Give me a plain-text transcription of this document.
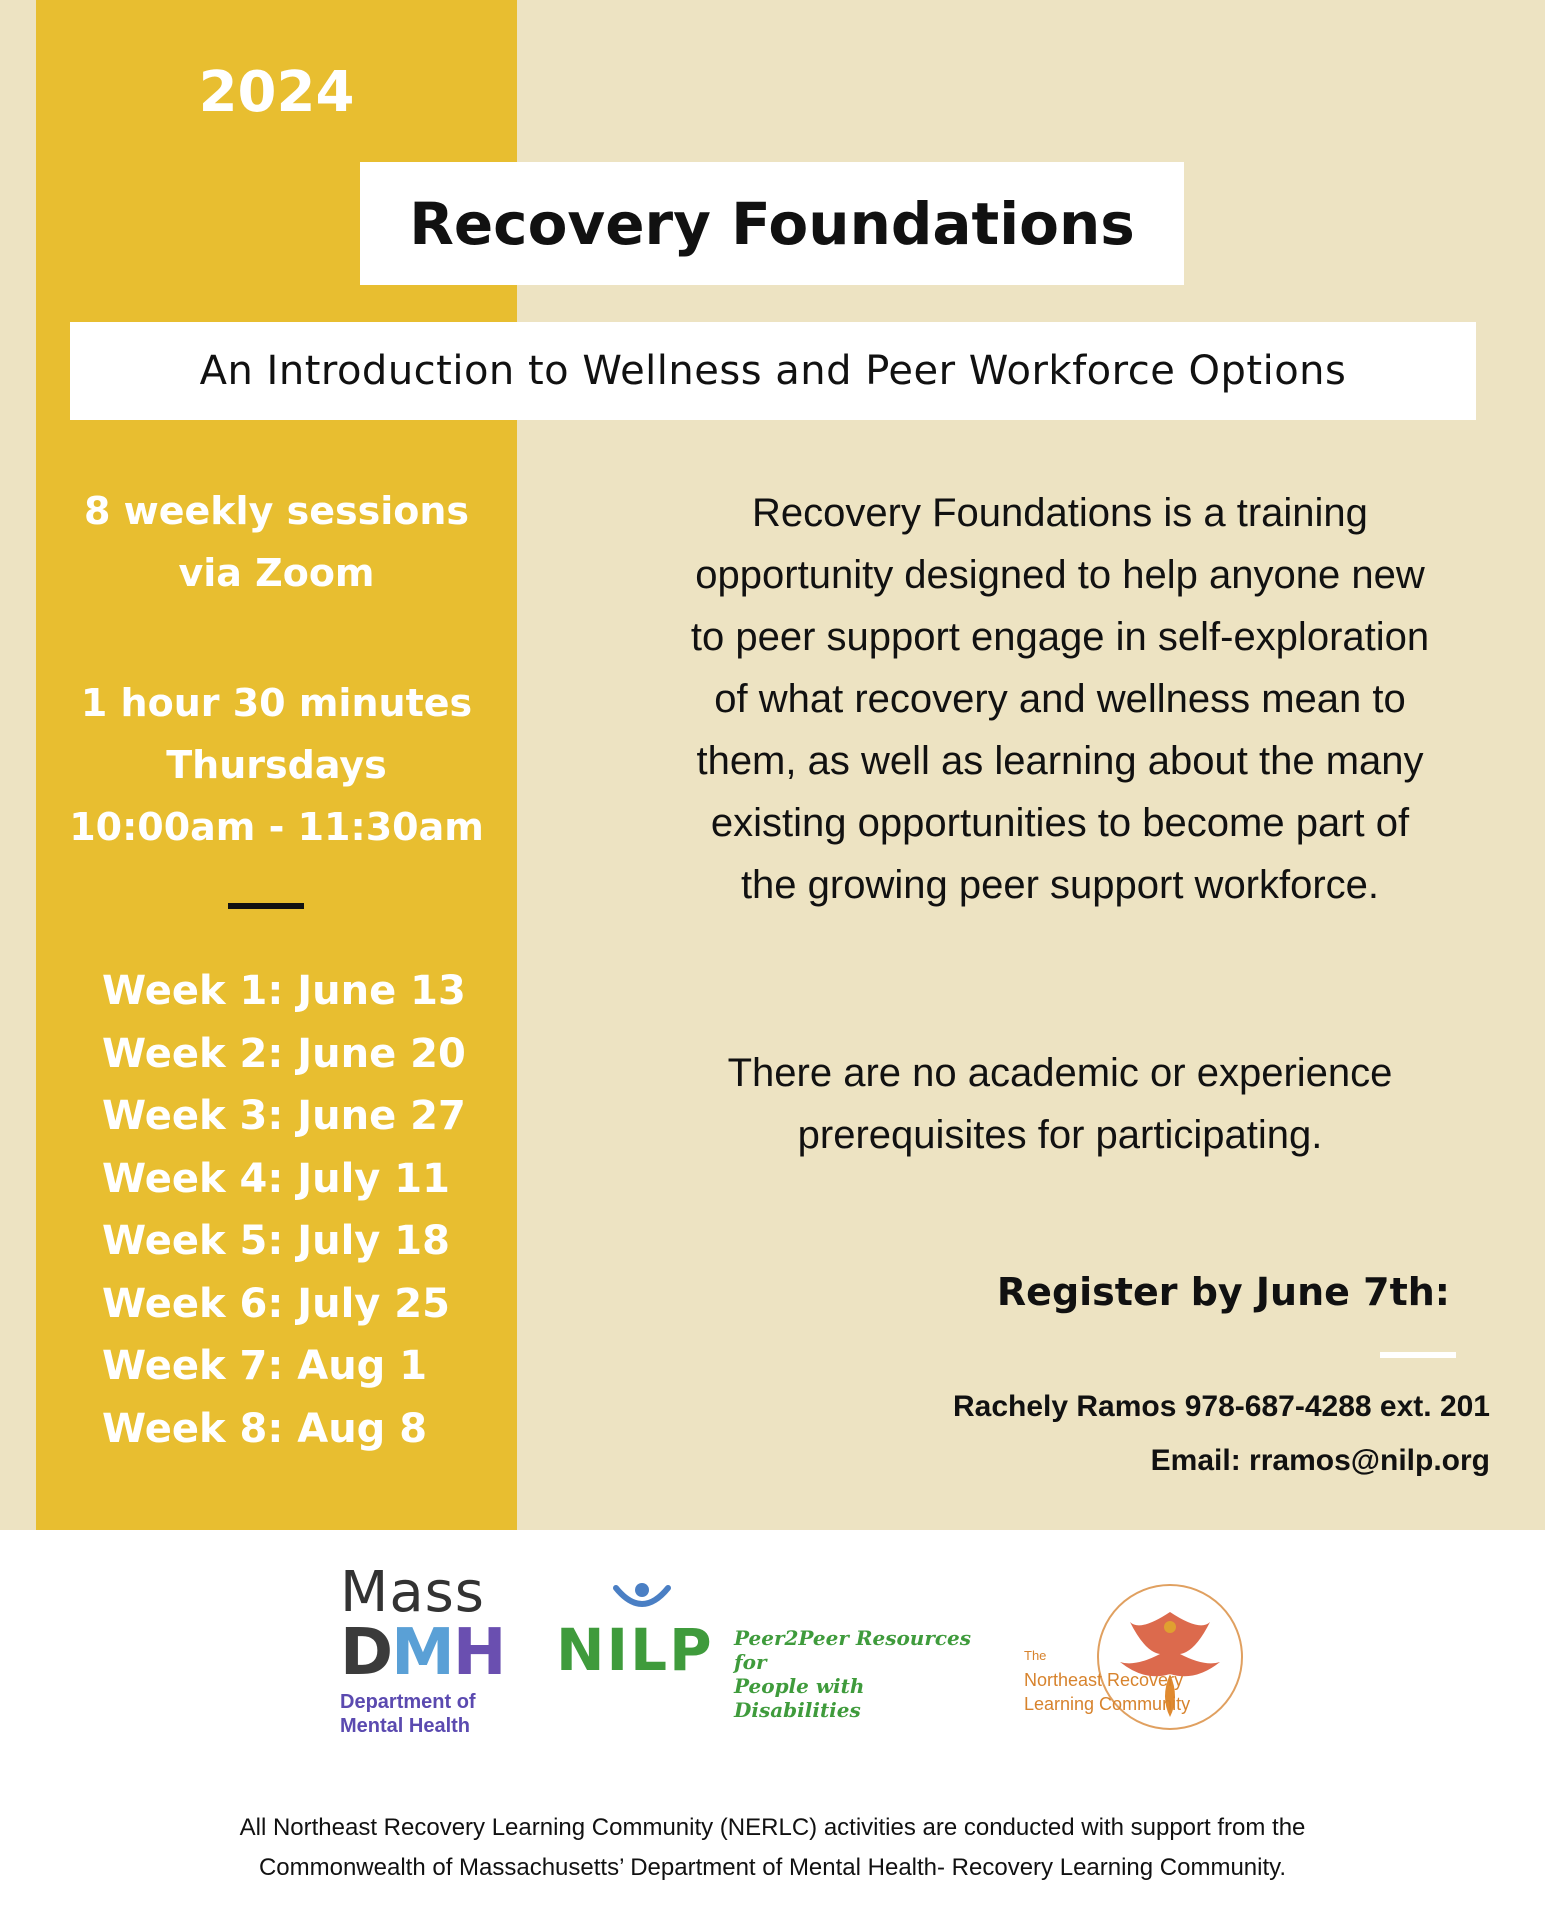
2024
Recovery Foundations
An Introduction to Wellness and Peer Workforce Options
8 weekly sessions
via Zoom
1 hour 30 minutes
Thursdays
10:00am - 11:30am
Week 1: June 13
Week 2: June 20
Week 3: June 27
Week 4: July 11
Week 5: July 18
Week 6: July 25
Week 7: Aug 1
Week 8: Aug 8
Recovery Foundations is a training
opportunity designed to help anyone new
to peer support engage in self-exploration
of what recovery and wellness mean to
them, as well as learning about the many
existing opportunities to become part of
the growing peer support workforce.
There are no academic or experience
prerequisites for participating.
Register by June 7th:
Rachely Ramos 978-687-4288 ext. 201
Email: rramos@nilp.org
Mass
DMH
Department of
Mental Health
NILP Peer2Peer Resources for
People with Disabilities
The
Northeast Recovery
Learning Community
All Northeast Recovery Learning Community (NERLC) activities are conducted with support from the
Commonwealth of Massachusetts’ Department of Mental Health- Recovery Learning Community.
